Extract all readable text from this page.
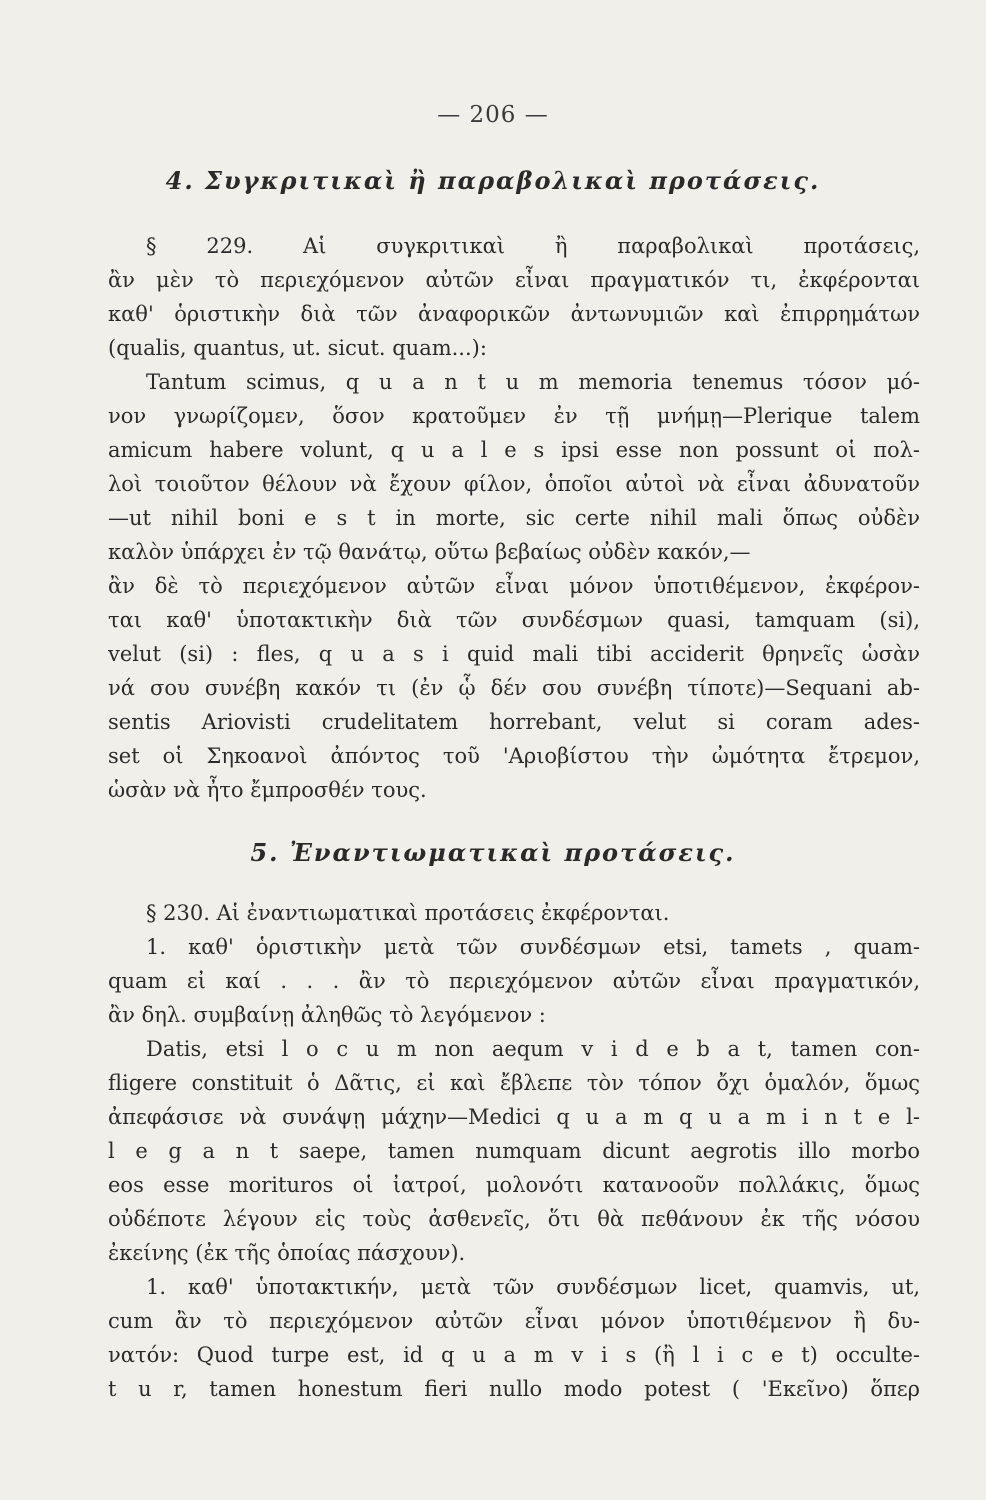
— 206 —
4. Συγκριτικαὶ ἢ παραβολικαὶ προτάσεις.
§ 229. Αἱ συγκριτικαὶ ἢ παραβολικαὶ προτάσεις,
ἂν μὲν τὸ περιεχόμενον αὐτῶν εἶναι πραγματικόν τι, ἐκφέρονται
καθ' ὁριστικὴν διὰ τῶν ἀναφορικῶν ἀντωνυμιῶν καὶ ἐπιρρημάτων
(qualis, quantus, ut. sicut. quam...):
Tantum scimus, q u a n t u m memoria tenemus τόσον μό-
νον γνωρίζομεν, ὅσον κρατοῦμεν ἐν τῇ μνήμῃ—Plerique talem
amicum habere volunt, q u a l e s ipsi esse non possunt οἱ πολ-
λοὶ τοιοῦτον θέλουν νὰ ἔχουν φίλον, ὁποῖοι αὐτοὶ νὰ εἶναι ἀδυνατοῦν
—ut nihil boni e s t in morte, sic certe nihil mali ὅπως οὐδὲν
καλὸν ὑπάρχει ἐν τῷ θανάτῳ, οὕτω βεβαίως οὐδὲν κακόν,—
ἂν δὲ τὸ περιεχόμενον αὐτῶν εἶναι μόνον ὑποτιθέμενον, ἐκφέρον-
ται καθ' ὑποτακτικὴν διὰ τῶν συνδέσμων quasi, tamquam (si),
velut (si) : fles, q u a s i quid mali tibi acciderit θρηνεῖς ὡσὰν
νά σου συνέβη κακόν τι (ἐν ᾧ δέν σου συνέβη τίποτε)—Sequani ab-
sentis Ariovisti crudelitatem horrebant, velut si coram ades-
set οἱ Σηκοανοὶ ἀπόντος τοῦ 'Αριοβίστου τὴν ὠμότητα ἔτρεμον,
ὡσὰν νὰ ἦτο ἔμπροσθέν τους.
5. Ἐναντιωματικαὶ προτάσεις.
§ 230. Αἱ ἐναντιωματικαὶ προτάσεις ἐκφέρονται.
1. καθ' ὁριστικὴν μετὰ τῶν συνδέσμων etsi, tamets , quam-
quam εἰ καί . . . ἂν τὸ περιεχόμενον αὐτῶν εἶναι πραγματικόν,
ἂν δηλ. συμβαίνῃ ἀληθῶς τὸ λεγόμενον :
Datis, etsi l o c u m non aequm v i d e b a t, tamen con-
fligere constituit ὁ Δᾶτις, εἰ καὶ ἔβλεπε τὸν τόπον ὄχι ὁμαλόν, ὅμως
ἀπεφάσισε νὰ συνάψῃ μάχην—Medici q u a m q u a m i n t e l-
l e g a n t saepe, tamen numquam dicunt aegrotis illo morbo
eos esse morituros οἱ ἰατροί, μολονότι κατανοοῦν πολλάκις, ὅμως
οὐδέποτε λέγουν εἰς τοὺς ἀσθενεῖς, ὅτι θὰ πεθάνουν ἐκ τῆς νόσου
ἐκείνης (ἐκ τῆς ὁποίας πάσχουν).
1. καθ' ὑποτακτικήν, μετὰ τῶν συνδέσμων licet, quamvis, ut,
cum ἂν τὸ περιεχόμενον αὐτῶν εἶναι μόνον ὑποτιθέμενον ἢ δυ-
νατόν: Quod turpe est, id q u a m v i s (ἢ l i c e t) occulte-
t u r, tamen honestum fieri nullo modo potest ( 'Εκεῖνο) ὅπερ
